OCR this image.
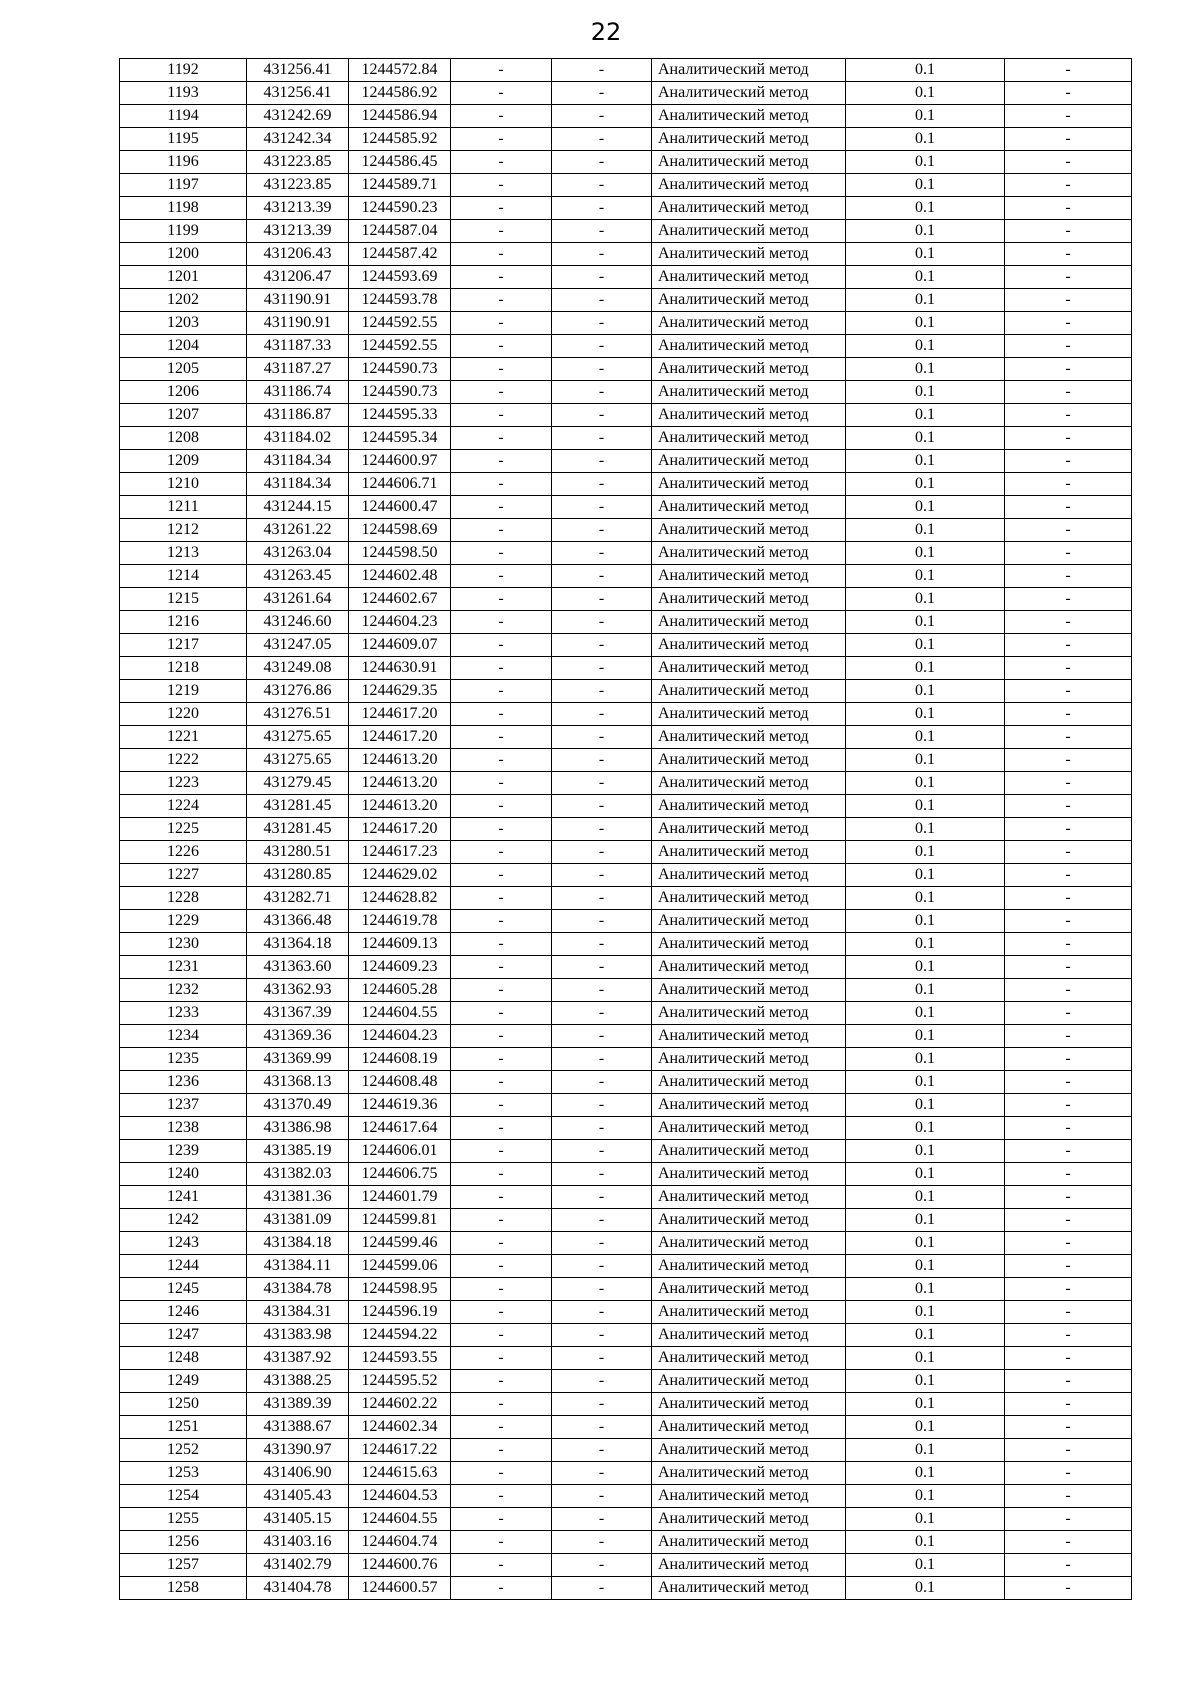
22
1192	431256.41	1244572.84	-	-	Аналитический метод	0.1	-
1193	431256.41	1244586.92	-	-	Аналитический метод	0.1	-
1194	431242.69	1244586.94	-	-	Аналитический метод	0.1	-
1195	431242.34	1244585.92	-	-	Аналитический метод	0.1	-
1196	431223.85	1244586.45	-	-	Аналитический метод	0.1	-
1197	431223.85	1244589.71	-	-	Аналитический метод	0.1	-
1198	431213.39	1244590.23	-	-	Аналитический метод	0.1	-
1199	431213.39	1244587.04	-	-	Аналитический метод	0.1	-
1200	431206.43	1244587.42	-	-	Аналитический метод	0.1	-
1201	431206.47	1244593.69	-	-	Аналитический метод	0.1	-
1202	431190.91	1244593.78	-	-	Аналитический метод	0.1	-
1203	431190.91	1244592.55	-	-	Аналитический метод	0.1	-
1204	431187.33	1244592.55	-	-	Аналитический метод	0.1	-
1205	431187.27	1244590.73	-	-	Аналитический метод	0.1	-
1206	431186.74	1244590.73	-	-	Аналитический метод	0.1	-
1207	431186.87	1244595.33	-	-	Аналитический метод	0.1	-
1208	431184.02	1244595.34	-	-	Аналитический метод	0.1	-
1209	431184.34	1244600.97	-	-	Аналитический метод	0.1	-
1210	431184.34	1244606.71	-	-	Аналитический метод	0.1	-
1211	431244.15	1244600.47	-	-	Аналитический метод	0.1	-
1212	431261.22	1244598.69	-	-	Аналитический метод	0.1	-
1213	431263.04	1244598.50	-	-	Аналитический метод	0.1	-
1214	431263.45	1244602.48	-	-	Аналитический метод	0.1	-
1215	431261.64	1244602.67	-	-	Аналитический метод	0.1	-
1216	431246.60	1244604.23	-	-	Аналитический метод	0.1	-
1217	431247.05	1244609.07	-	-	Аналитический метод	0.1	-
1218	431249.08	1244630.91	-	-	Аналитический метод	0.1	-
1219	431276.86	1244629.35	-	-	Аналитический метод	0.1	-
1220	431276.51	1244617.20	-	-	Аналитический метод	0.1	-
1221	431275.65	1244617.20	-	-	Аналитический метод	0.1	-
1222	431275.65	1244613.20	-	-	Аналитический метод	0.1	-
1223	431279.45	1244613.20	-	-	Аналитический метод	0.1	-
1224	431281.45	1244613.20	-	-	Аналитический метод	0.1	-
1225	431281.45	1244617.20	-	-	Аналитический метод	0.1	-
1226	431280.51	1244617.23	-	-	Аналитический метод	0.1	-
1227	431280.85	1244629.02	-	-	Аналитический метод	0.1	-
1228	431282.71	1244628.82	-	-	Аналитический метод	0.1	-
1229	431366.48	1244619.78	-	-	Аналитический метод	0.1	-
1230	431364.18	1244609.13	-	-	Аналитический метод	0.1	-
1231	431363.60	1244609.23	-	-	Аналитический метод	0.1	-
1232	431362.93	1244605.28	-	-	Аналитический метод	0.1	-
1233	431367.39	1244604.55	-	-	Аналитический метод	0.1	-
1234	431369.36	1244604.23	-	-	Аналитический метод	0.1	-
1235	431369.99	1244608.19	-	-	Аналитический метод	0.1	-
1236	431368.13	1244608.48	-	-	Аналитический метод	0.1	-
1237	431370.49	1244619.36	-	-	Аналитический метод	0.1	-
1238	431386.98	1244617.64	-	-	Аналитический метод	0.1	-
1239	431385.19	1244606.01	-	-	Аналитический метод	0.1	-
1240	431382.03	1244606.75	-	-	Аналитический метод	0.1	-
1241	431381.36	1244601.79	-	-	Аналитический метод	0.1	-
1242	431381.09	1244599.81	-	-	Аналитический метод	0.1	-
1243	431384.18	1244599.46	-	-	Аналитический метод	0.1	-
1244	431384.11	1244599.06	-	-	Аналитический метод	0.1	-
1245	431384.78	1244598.95	-	-	Аналитический метод	0.1	-
1246	431384.31	1244596.19	-	-	Аналитический метод	0.1	-
1247	431383.98	1244594.22	-	-	Аналитический метод	0.1	-
1248	431387.92	1244593.55	-	-	Аналитический метод	0.1	-
1249	431388.25	1244595.52	-	-	Аналитический метод	0.1	-
1250	431389.39	1244602.22	-	-	Аналитический метод	0.1	-
1251	431388.67	1244602.34	-	-	Аналитический метод	0.1	-
1252	431390.97	1244617.22	-	-	Аналитический метод	0.1	-
1253	431406.90	1244615.63	-	-	Аналитический метод	0.1	-
1254	431405.43	1244604.53	-	-	Аналитический метод	0.1	-
1255	431405.15	1244604.55	-	-	Аналитический метод	0.1	-
1256	431403.16	1244604.74	-	-	Аналитический метод	0.1	-
1257	431402.79	1244600.76	-	-	Аналитический метод	0.1	-
1258	431404.78	1244600.57	-	-	Аналитический метод	0.1	-
